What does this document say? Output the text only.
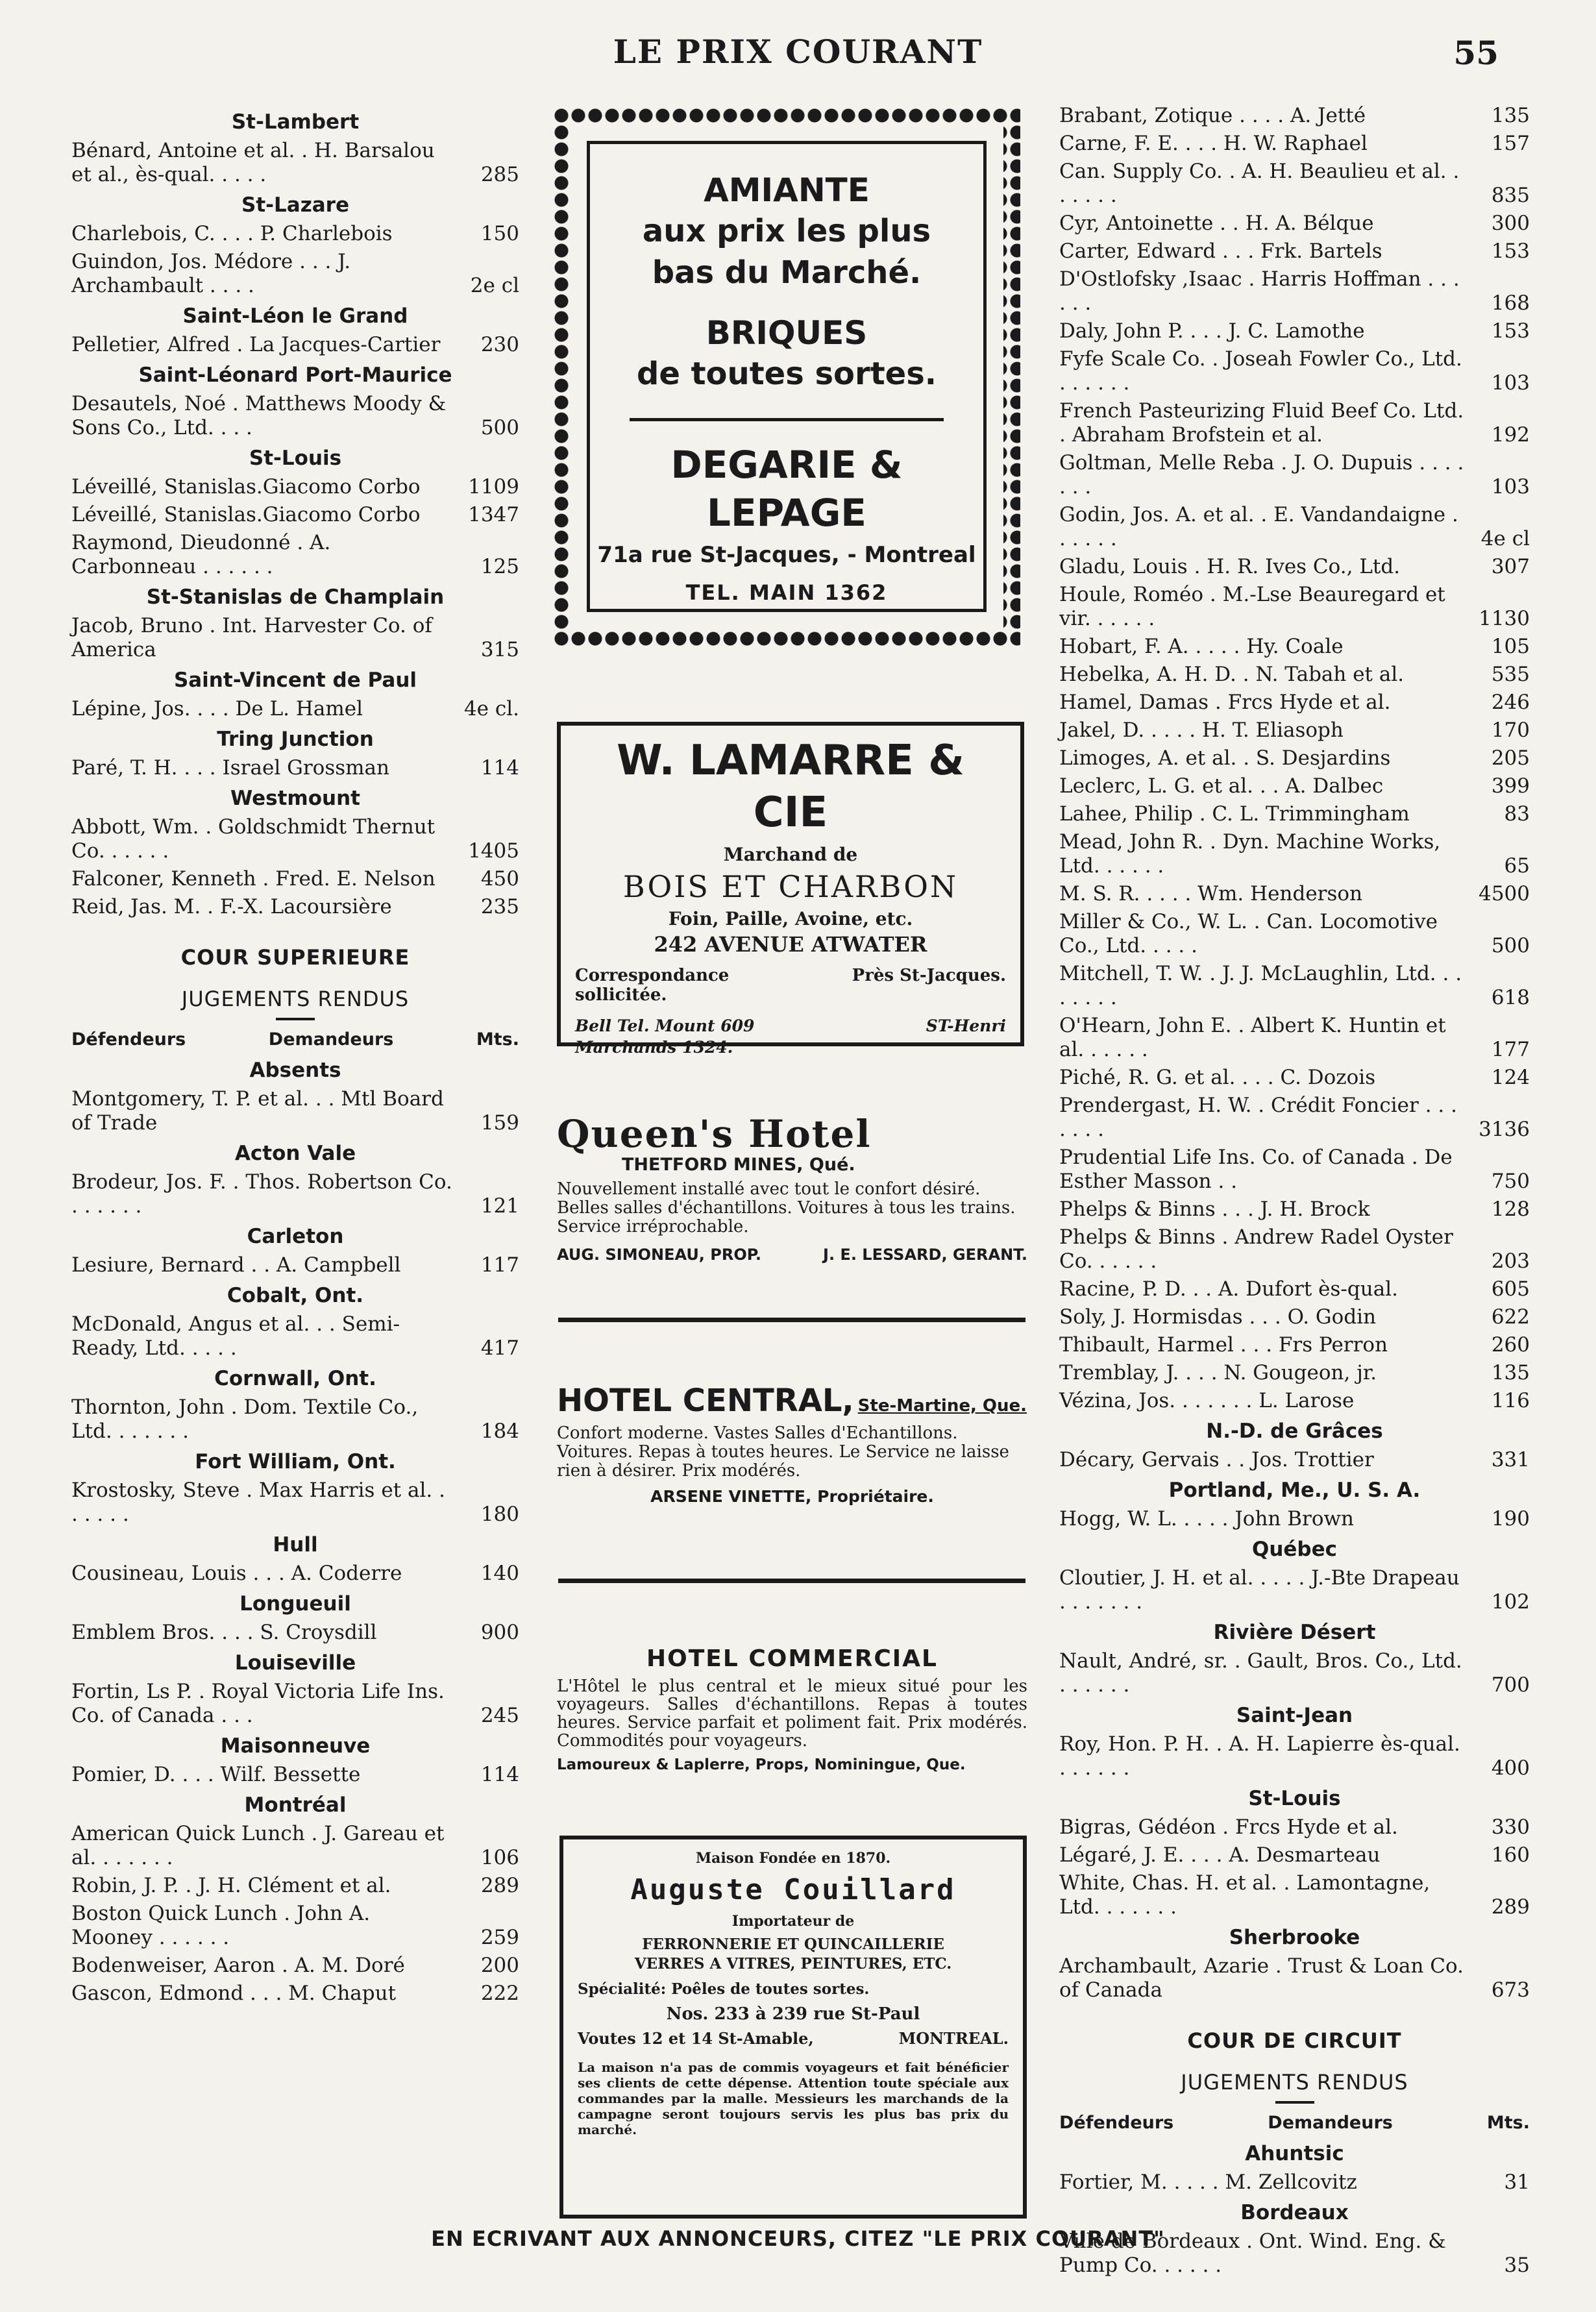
LE PRIX COURANT	55
St-Lambert
Bénard, Antoine et al. . H. Barsalou et al., ès-qual. . . . .	285
St-Lazare
Charlebois, C. . . . P. Charlebois	150
Guindon, Jos. Médore . . . J. Archambault . . . .	2e cl
Saint-Léon le Grand
Pelletier, Alfred . La Jacques-Cartier	230
Saint-Léonard Port-Maurice
Desautels, Noé . Matthews Moody & Sons Co., Ltd. . . .	500
St-Louis
Léveillé, Stanislas.Giacomo Corbo	1109
Léveillé, Stanislas.Giacomo Corbo	1347
Raymond, Dieudonné . A. Carbonneau . . . . . .	125
St-Stanislas de Champlain
Jacob, Bruno . Int. Harvester Co. of America	315
Saint-Vincent de Paul
Lépine, Jos. . . . De L. Hamel	4e cl.
Tring Junction
Paré, T. H. . . . Israel Grossman	114
Westmount
Abbott, Wm. . Goldschmidt Thernut Co. . . . . .	1405
Falconer, Kenneth . Fred. E. Nelson	450
Reid, Jas. M. . F.-X. Lacoursière	235
COUR SUPERIEURE
JUGEMENTS RENDUS
Défendeurs	Demandeurs	Mts.
Absents
Montgomery, T. P. et al. . . Mtl Board of Trade	159
Acton Vale
Brodeur, Jos. F. . Thos. Robertson Co. . . . . . .	121
Carleton
Lesiure, Bernard . . A. Campbell	117
Cobalt, Ont.
McDonald, Angus et al. . . Semi-Ready, Ltd. . . . .	417
Cornwall, Ont.
Thornton, John . Dom. Textile Co., Ltd. . . . . . .	184
Fort William, Ont.
Krostosky, Steve . Max Harris et al. . . . . . .	180
Hull
Cousineau, Louis . . . A. Coderre	140
Longueuil
Emblem Bros. . . . S. Croysdill	900
Louiseville
Fortin, Ls P. . Royal Victoria Life Ins. Co. of Canada . . .	245
Maisonneuve
Pomier, D. . . . Wilf. Bessette	114
Montréal
American Quick Lunch . J. Gareau et al. . . . . . .	106
Robin, J. P. . J. H. Clément et al.	289
Boston Quick Lunch . John A. Mooney . . . . . .	259
Bodenweiser, Aaron . A. M. Doré	200
Gascon, Edmond . . . M. Chaput	222
AMIANTE
aux prix les plus
bas du Marché.
BRIQUES
de toutes sortes.
DEGARIE & LEPAGE
71a rue St-Jacques, - Montreal
TEL. MAIN 1362
W. LAMARRE & CIE
Marchand de
BOIS ET CHARBON
Foin, Paille, Avoine, etc.
242 AVENUE ATWATER
Correspondance sollicitée.
Près St-Jacques.
Bell Tel. Mount 609	ST-Henri
Marchands 1324.
Queen's Hotel
THETFORD MINES, Qué.
Nouvellement installé avec tout le confort désiré. Belles salles d'échantillons. Voitures à tous les trains. Service irréprochable.
AUG. SIMONEAU, PROP.	J. E. LESSARD, GERANT.
HOTEL CENTRAL, Ste-Martine, Que.
Confort moderne. Vastes Salles d'Echantillons. Voitures. Repas à toutes heures. Le Service ne laisse rien à désirer. Prix modérés.
ARSENE VINETTE, Propriétaire.
HOTEL COMMERCIAL
L'Hôtel le plus central et le mieux situé pour les voyageurs. Salles d'échantillons. Repas à toutes heures. Service parfait et poliment fait. Prix modérés. Commodités pour voyageurs.
Lamoureux & Laplerre, Props, Nominingue, Que.
Maison Fondée en 1870.
Auguste Couillard
Importateur de
FERRONNERIE ET QUINCAILLERIE
VERRES A VITRES, PEINTURES, ETC.
Spécialité: Poêles de toutes sortes.
Nos. 233 à 239 rue St-Paul
Voutes 12 et 14 St-Amable,	MONTREAL.
La maison n'a pas de commis voyageurs et fait bénéficier ses clients de cette dépense. Attention toute spéciale aux commandes par la malle. Messieurs les marchands de la campagne seront toujours servis les plus bas prix du marché.
Brabant, Zotique . . . . A. Jetté	135
Carne, F. E. . . . H. W. Raphael	157
Can. Supply Co. . A. H. Beaulieu et al. . . . . . .	835
Cyr, Antoinette . . H. A. Bélque	300
Carter, Edward . . . Frk. Bartels	153
D'Ostlofsky ,Isaac . Harris Hoffman . . . . . .	168
Daly, John P. . . . J. C. Lamothe	153
Fyfe Scale Co. . Joseah Fowler Co., Ltd. . . . . . .	103
French Pasteurizing Fluid Beef Co. Ltd. . Abraham Brofstein et al.	192
Goltman, Melle Reba . J. O. Dupuis . . . . . . .	103
Godin, Jos. A. et al. . E. Vandandaigne . . . . . .	4e cl
Gladu, Louis . H. R. Ives Co., Ltd.	307
Houle, Roméo . M.-Lse Beauregard et vir. . . . . .	1130
Hobart, F. A. . . . . Hy. Coale	105
Hebelka, A. H. D. . N. Tabah et al.	535
Hamel, Damas . Frcs Hyde et al.	246
Jakel, D. . . . . H. T. Eliasoph	170
Limoges, A. et al. . S. Desjardins	205
Leclerc, L. G. et al. . . A. Dalbec	399
Lahee, Philip . C. L. Trimmingham	83
Mead, John R. . Dyn. Machine Works, Ltd. . . . . .	65
M. S. R. . . . . Wm. Henderson	4500
Miller & Co., W. L. . Can. Locomotive Co., Ltd. . . . .	500
Mitchell, T. W. . J. J. McLaughlin, Ltd. . . . . . . .	618
O'Hearn, John E. . Albert K. Huntin et al. . . . . .	177
Piché, R. G. et al. . . . C. Dozois	124
Prendergast, H. W. . Crédit Foncier . . . . . . .	3136
Prudential Life Ins. Co. of Canada . De Esther Masson . .	750
Phelps & Binns . . . J. H. Brock	128
Phelps & Binns . Andrew Radel Oyster Co. . . . . .	203
Racine, P. D. . . A. Dufort ès-qual.	605
Soly, J. Hormisdas . . . O. Godin	622
Thibault, Harmel . . . Frs Perron	260
Tremblay, J. . . . N. Gougeon, jr.	135
Vézina, Jos. . . . . . . L. Larose	116
N.-D. de Grâces
Décary, Gervais . . Jos. Trottier	331
Portland, Me., U. S. A.
Hogg, W. L. . . . . John Brown	190
Québec
Cloutier, J. H. et al. . . . . J.-Bte Drapeau . . . . . . .	102
Rivière Désert
Nault, André, sr. . Gault, Bros. Co., Ltd. . . . . . .	700
Saint-Jean
Roy, Hon. P. H. . A. H. Lapierre ès-qual. . . . . . .	400
St-Louis
Bigras, Gédéon . Frcs Hyde et al.	330
Légaré, J. E. . . . A. Desmarteau	160
White, Chas. H. et al. . Lamontagne, Ltd. . . . . . .	289
Sherbrooke
Archambault, Azarie . Trust & Loan Co. of Canada	673
COUR DE CIRCUIT
JUGEMENTS RENDUS
Défendeurs	Demandeurs	Mts.
Ahuntsic
Fortier, M. . . . . M. Zellcovitz	31
Bordeaux
Ville de Bordeaux . Ont. Wind. Eng. & Pump Co. . . . . .	35
EN ECRIVANT AUX ANNONCEURS, CITEZ "LE PRIX COURANT"
